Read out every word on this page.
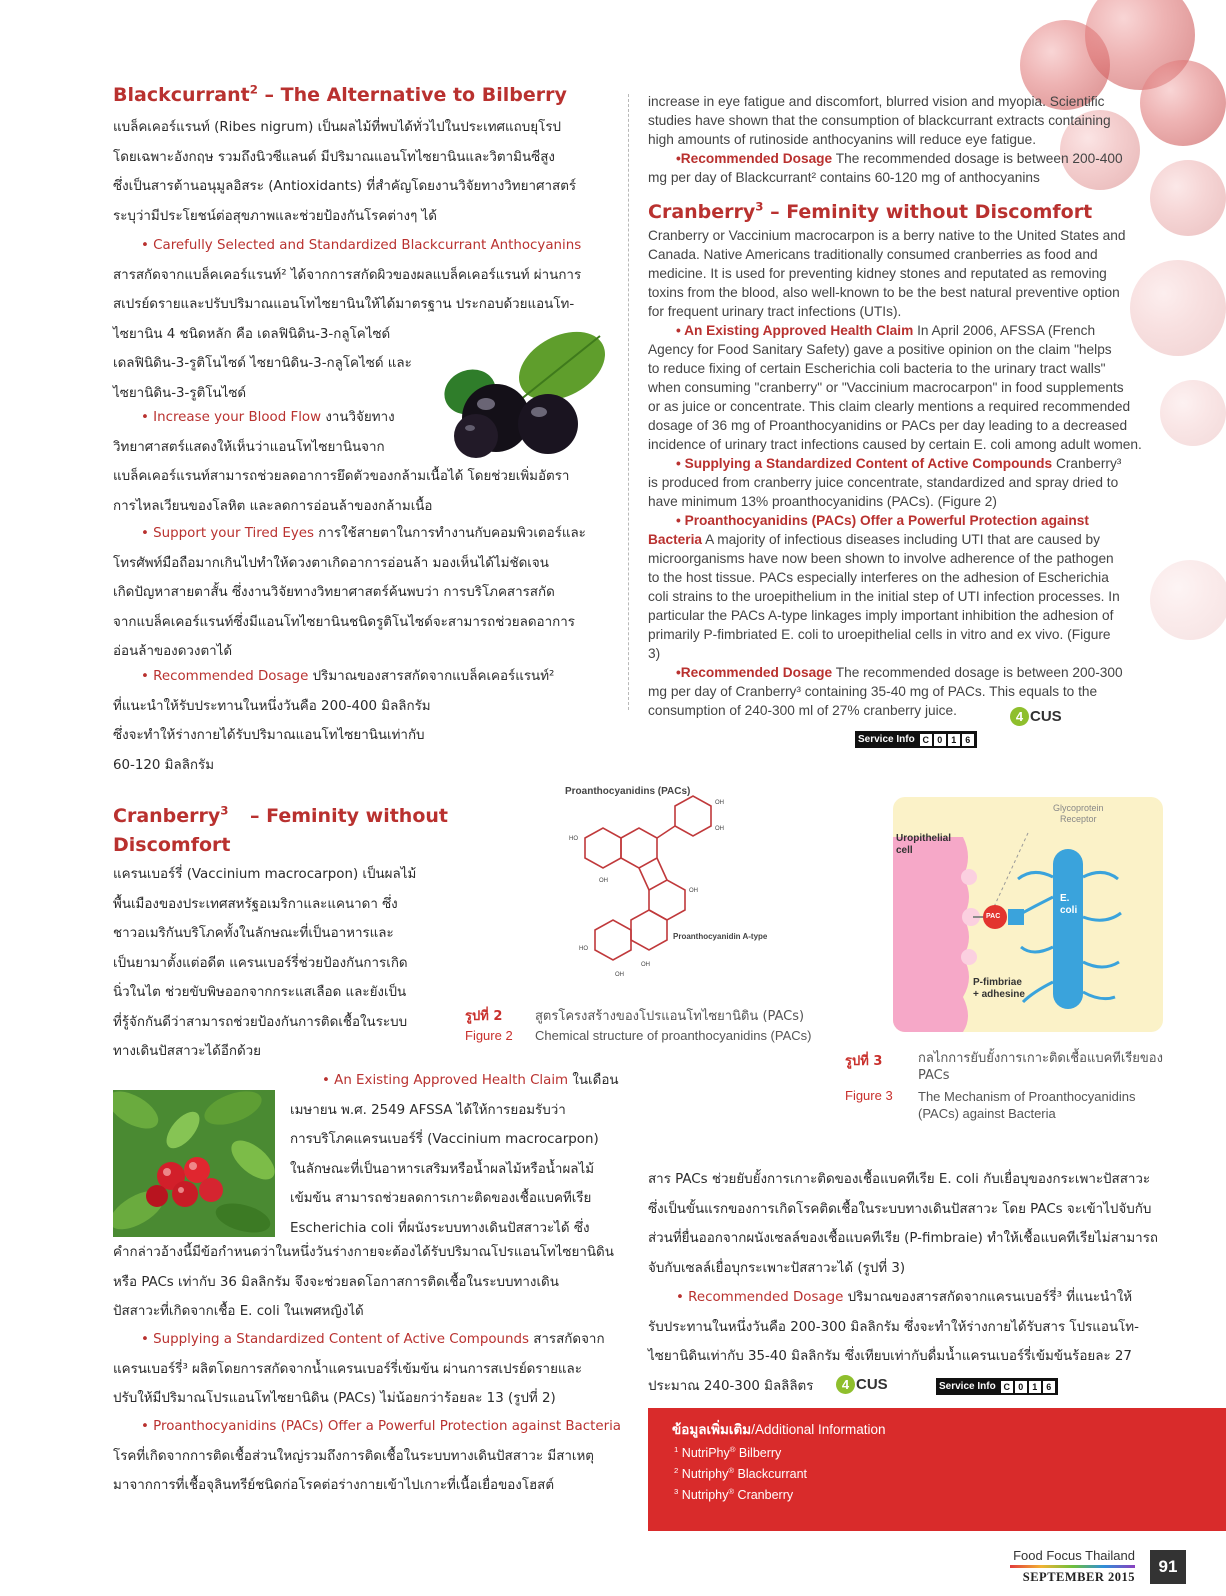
Blackcurrant$^2$ – The Alternative to Bilberry
แบล็คเคอร์แรนท์ (Ribes nigrum) เป็นผลไม้ที่พบได้ทั่วไปในประเทศแถบยุโรป
โดยเฉพาะอังกฤษ รวมถึงนิวซีแลนด์ มีปริมาณแอนโทไซยานินและวิตามินซีสูง
ซึ่งเป็นสารต้านอนุมูลอิสระ (Antioxidants) ที่สำคัญโดยงานวิจัยทางวิทยาศาสตร์
ระบุว่ามีประโยชน์ต่อสุขภาพและช่วยป้องกันโรคต่างๆ ได้
• Carefully Selected and Standardized Blackcurrant Anthocyanins
สารสกัดจากแบล็คเคอร์แรนท์² ได้จากการสกัดผิวของผลแบล็คเคอร์แรนท์ ผ่านการ
สเปรย์ดรายและปรับปริมาณแอนโทไซยานินให้ได้มาตรฐาน ประกอบด้วยแอนโท-
ไซยานิน 4 ชนิดหลัก คือ เดลฟินิดิน-3-กลูโคไซด์
เดลฟินิดิน-3-รูติโนไซด์ ไซยานิดิน-3-กลูโคไซด์ และ
ไซยานิดิน-3-รูติโนไซด์
• Increase your Blood Flow งานวิจัยทาง
วิทยาศาสตร์แสดงให้เห็นว่าแอนโทไซยานินจาก
แบล็คเคอร์แรนท์สามารถช่วยลดอาการยึดตัวของกล้ามเนื้อได้ โดยช่วยเพิ่มอัตรา
การไหลเวียนของโลหิต และลดการอ่อนล้าของกล้ามเนื้อ
• Support your Tired Eyes การใช้สายตาในการทำงานกับคอมพิวเตอร์และ
โทรศัพท์มือถือมากเกินไปทำให้ดวงตาเกิดอาการอ่อนล้า มองเห็นได้ไม่ชัดเจน
เกิดปัญหาสายตาสั้น ซึ่งงานวิจัยทางวิทยาศาสตร์ค้นพบว่า การบริโภคสารสกัด
จากแบล็คเคอร์แรนท์ซึ่งมีแอนโทไซยานินชนิดรูติโนไซด์จะสามารถช่วยลดอาการ
อ่อนล้าของดวงตาได้
• Recommended Dosage ปริมาณของสารสกัดจากแบล็คเคอร์แรนท์²
ที่แนะนำให้รับประทานในหนึ่งวันคือ 200-400 มิลลิกรัม
ซึ่งจะทำให้ร่างกายได้รับปริมาณแอนโทไซยานินเท่ากับ
60-120 มิลลิกรัม
Cranberry$^3$ – Feminity without
Discomfort
แครนเบอร์รี่ (Vaccinium macrocarpon) เป็นผลไม้
พื้นเมืองของประเทศสหรัฐอเมริกาและแคนาดา ซึ่ง
ชาวอเมริกันบริโภคทั้งในลักษณะที่เป็นอาหารและ
เป็นยามาตั้งแต่อดีต แครนเบอร์รี่ช่วยป้องกันการเกิด
นิ่วในไต ช่วยขับพิษออกจากกระแสเลือด และยังเป็น
ที่รู้จักกันดีว่าสามารถช่วยป้องกันการติดเชื้อในระบบ
ทางเดินปัสสาวะได้อีกด้วย
• An Existing Approved Health Claim ในเดือน
เมษายน พ.ศ. 2549 AFSSA ได้ให้การยอมรับว่า
การบริโภคแครนเบอร์รี่ (Vaccinium macrocarpon)
ในลักษณะที่เป็นอาหารเสริมหรือน้ำผลไม้หรือน้ำผลไม้
เข้มข้น สามารถช่วยลดการเกาะติดของเชื้อแบคทีเรีย
Escherichia coli ที่ผนังระบบทางเดินปัสสาวะได้ ซึ่ง
คำกล่าวอ้างนี้มีข้อกำหนดว่าในหนึ่งวันร่างกายจะต้องได้รับปริมาณโปรแอนโทไซยานิดิน
หรือ PACs เท่ากับ 36 มิลลิกรัม จึงจะช่วยลดโอกาสการติดเชื้อในระบบทางเดิน
ปัสสาวะที่เกิดจากเชื้อ E. coli ในเพศหญิงได้
• Supplying a Standardized Content of Active Compounds สารสกัดจาก
แครนเบอร์รี่³ ผลิตโดยการสกัดจากน้ำแครนเบอร์รี่เข้มข้น ผ่านการสเปรย์ดรายและ
ปรับให้มีปริมาณโปรแอนโทไซยานิดิน (PACs) ไม่น้อยกว่าร้อยละ 13 (รูปที่ 2)
• Proanthocyanidins (PACs) Offer a Powerful Protection against Bacteria
โรคที่เกิดจากการติดเชื้อส่วนใหญ่รวมถึงการติดเชื้อในระบบทางเดินปัสสาวะ มีสาเหตุ
มาจากการที่เชื้อจุลินทรีย์ชนิดก่อโรคต่อร่างกายเข้าไปเกาะที่เนื้อเยื่อของโฮสต์
increase in eye fatigue and discomfort, blurred vision and myopia. Scientific
studies have shown that the consumption of blackcurrant extracts containing
high amounts of rutinoside anthocyanins will reduce eye fatigue.
•Recommended Dosage The recommended dosage is between 200-400
mg per day of Blackcurrant² contains 60-120 mg of anthocyanins
Cranberry$^3$ – Feminity without Discomfort
Cranberry or Vaccinium macrocarpon is a berry native to the United States and
Canada. Native Americans traditionally consumed cranberries as food and
medicine. It is used for preventing kidney stones and reputated as removing
toxins from the blood, also well-known to be the best natural preventive option
for frequent urinary tract infections (UTIs).
• An Existing Approved Health Claim In April 2006, AFSSA (French
Agency for Food Sanitary Safety) gave a positive opinion on the claim "helps
to reduce fixing of certain Escherichia coli bacteria to the urinary tract walls"
when consuming "cranberry" or "Vaccinium macrocarpon" in food supplements
or as juice or concentrate. This claim clearly mentions a required recommended
dosage of 36 mg of Proanthocyanidins or PACs per day leading to a decreased
incidence of urinary tract infections caused by certain E. coli among adult women.
• Supplying a Standardized Content of Active Compounds Cranberry³
is produced from cranberry juice concentrate, standardized and spray dried to
have minimum 13% proanthocyanidins (PACs). (Figure 2)
• Proanthocyanidins (PACs) Offer a Powerful Protection against
Bacteria A majority of infectious diseases including UTI that are caused by
microorganisms have now been shown to involve adherence of the pathogen
to the host tissue. PACs especially interferes on the adhesion of Escherichia
coli strains to the uroepithelium in the initial step of UTI infection processes. In
particular the PACs A-type linkages imply important inhibition the adhesion of
primarily P-fimbriated E. coli to uroepithelial cells in vitro and ex vivo. (Figure
3)
•Recommended Dosage The recommended dosage is between 200-300
mg per day of Cranberry³ containing 35-40 mg of PACs. This equals to the
consumption of 240-300 ml of 27% cranberry juice.	4 CUS
Service Info C 0 1 6
Proanthocyanidins (PACs)
HO
OH
OH
OH
OH
OH
HO
OH
Proanthocyanidin A-type
รูปที่ 2	สูตรโครงสร้างของโปรแอนโทไซยานิดิน (PACs)
Figure 2	Chemical structure of proanthocyanidins (PACs)
Glycoprotein
Receptor
Uropithelial
cell
PAC
E.
coli
P-fimbriae
+ adhesine
รูปที่ 3	กลไกการยับยั้งการเกาะติดเชื้อแบคทีเรียของ
PACs
Figure 3	The Mechanism of Proanthocyanidins
(PACs) against Bacteria
สาร PACs ช่วยยับยั้งการเกาะติดของเชื้อแบคทีเรีย E. coli กับเยื่อบุของกระเพาะปัสสาวะ
ซึ่งเป็นขั้นแรกของการเกิดโรคติดเชื้อในระบบทางเดินปัสสาวะ โดย PACs จะเข้าไปจับกับ
ส่วนที่ยื่นออกจากผนังเซลล์ของเชื้อแบคทีเรีย (P-fimbraie) ทำให้เชื้อแบคทีเรียไม่สามารถ
จับกับเซลล์เยื่อบุกระเพาะปัสสาวะได้ (รูปที่ 3)
• Recommended Dosage ปริมาณของสารสกัดจากแครนเบอร์รี่³ ที่แนะนำให้
รับประทานในหนึ่งวันคือ 200-300 มิลลิกรัม ซึ่งจะทำให้ร่างกายได้รับสาร โปรแอนโท-
ไซยานิดินเท่ากับ 35-40 มิลลิกรัม ซึ่งเทียบเท่ากับดื่มน้ำแครนเบอร์รี่เข้มข้นร้อยละ 27
ประมาณ 240-300 มิลลิลิตร	4 CUS	Service Info C 0 1 6
ข้อมูลเพิ่มเติม/Additional Information
$^1$ NutriPhy® Bilberry
$^2$ Nutriphy® Blackcurrant
$^3$ Nutriphy® Cranberry
Food Focus Thailand
SEPTEMBER 2015
91
